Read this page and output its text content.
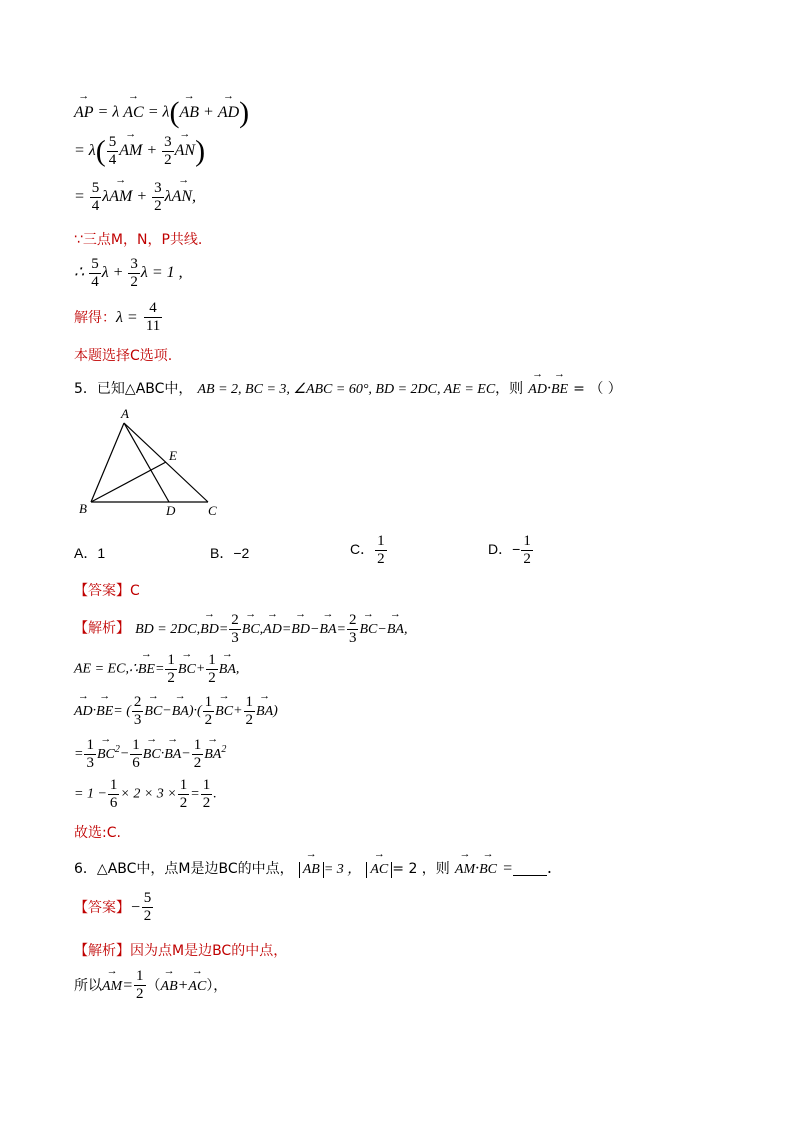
→ AP = λ → AC = λ(→ AB + → AD)
= $\lambda( \frac{5}{4}$
→ AM + $\frac{3}{2}$
→ AN)
= $\frac{5}{4} \lambda\to$ AM + $\frac{3}{2} \lambda\to$ AN,
∵三点M，N，P共线.
∴ $\frac{5}{4}$ $\lambda + \frac{3}{2}$ λ = 1 ,
解得：$\lambda = \frac{4}{11}$
本题选择C选项.
5．已知△ABC中， AB = 2, BC = 3, ∠ABC = 60°, BD = 2DC, AE = EC，则 → AD·→ BE = （ ）
A
B	C
D
E
A．1	B．−2	C． $\frac{1}{2}$	D．− $\frac{1}{2}$
【答案】C
【解析】 BD = $2DC,\to BD= \frac{2}{3}$
→ $BC,\to AD=\to BD-\to BA= \frac{2}{3}$
→ BC−→ BA,
AE = EC,∴→ $BE= \frac{1}{2}$
→ $BC+ \frac{1}{2}$
→ BA,
→ AD·→ BE= ( $\frac{2}{3}$
→ $BC-\to BA)\cdot( \frac{1}{2}$
→ $BC+ \frac{1}{2}$
→ BA)
= $\frac{1}{3}$
→ $BC^2- \frac{1}{6}$
→ $BC\cdot\to BA- \frac{1}{2}$
→ $BA^2$
= $1 - \frac{1}{6} \times 2 \times 3 \times \frac{1}{2} = \frac{1}{2}$ .
故选:C.
6．△ABC中，点M是边BC的中点， → AB = 3 ， → AC = 2 ，则 → AM·→ BC = .
【答案】− $\frac{5}{2}$
【解析】因为点M是边BC的中点，
所以→ $AM= \frac{1}{2}$ （→ AB+→ AC），
